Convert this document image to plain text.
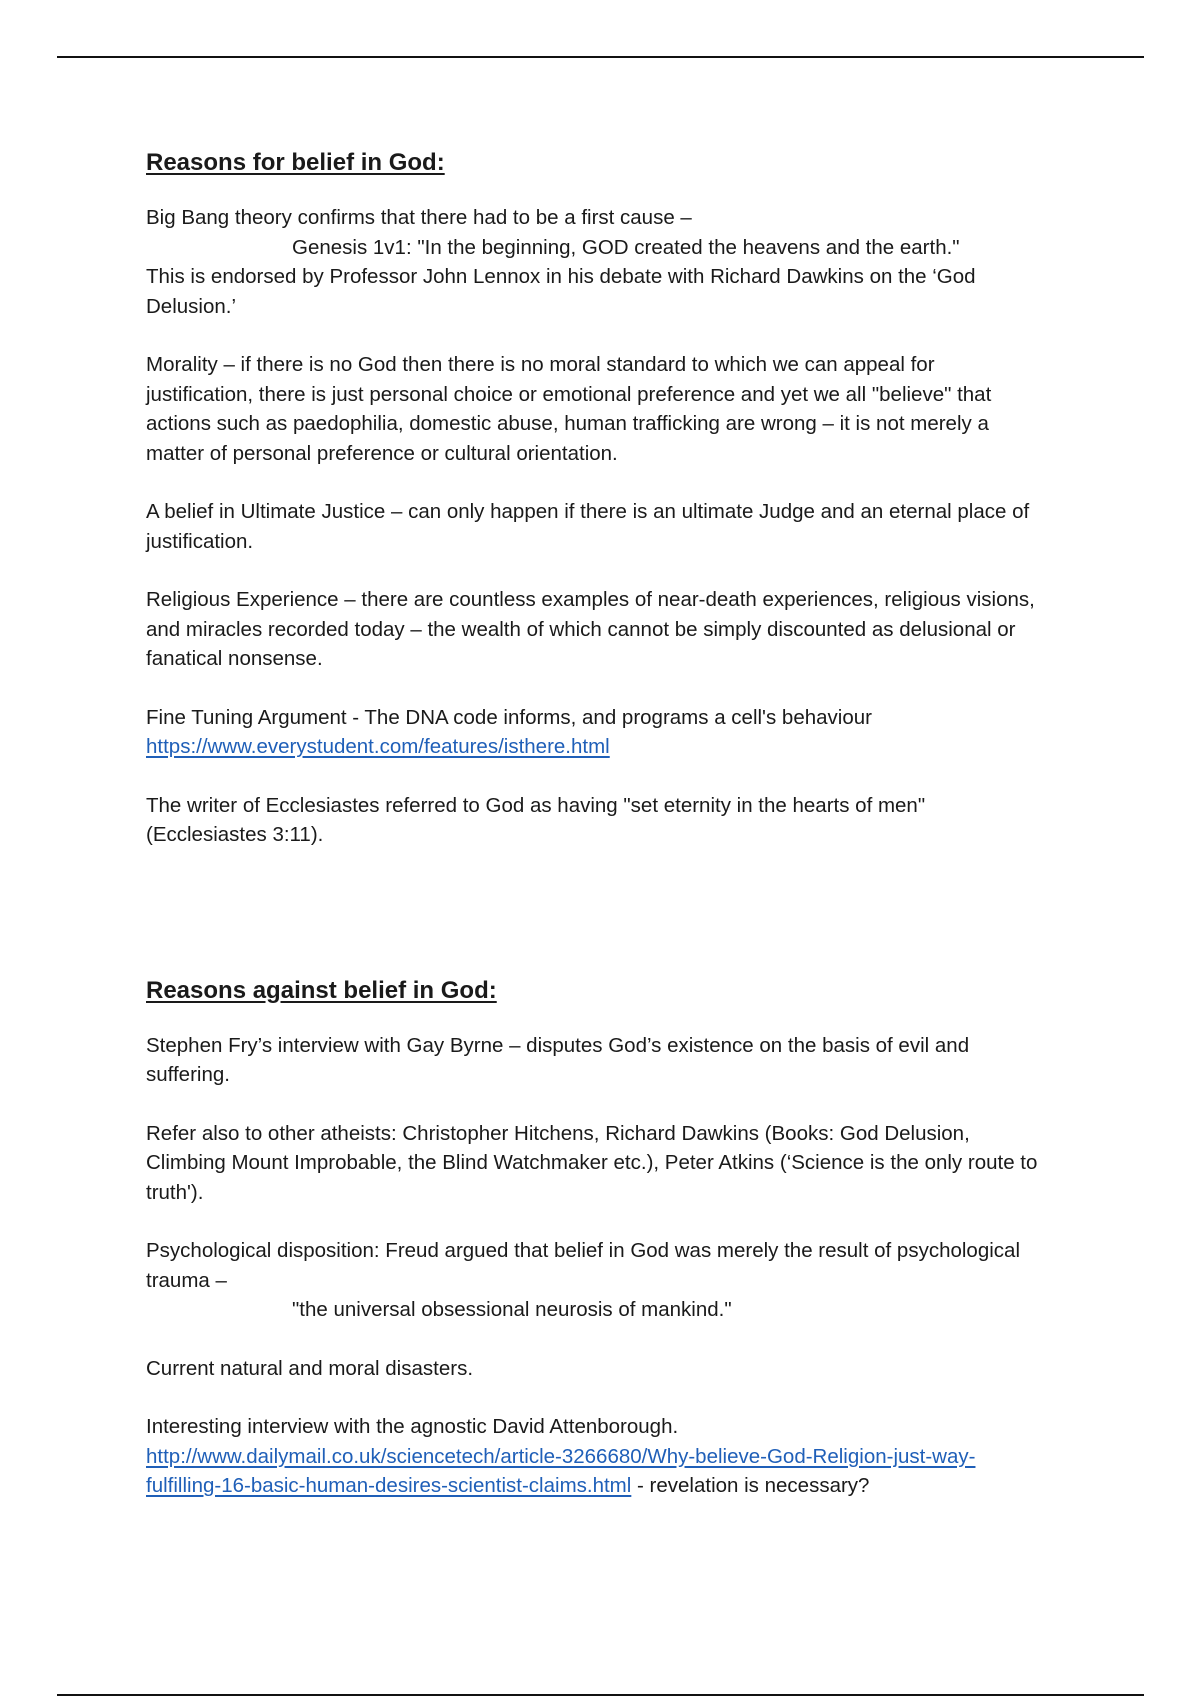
Reasons for belief in God:

Big Bang theory confirms that there had to be a first cause –
Genesis 1v1: "In the beginning, GOD created the heavens and the earth."
This is endorsed by Professor John Lennox in his debate with Richard Dawkins on the ‘God Delusion.’

Morality – if there is no God then there is no moral standard to which we can appeal for justification, there is just personal choice or emotional preference and yet we all "believe" that actions such as paedophilia, domestic abuse, human trafficking are wrong – it is not merely a matter of personal preference or cultural orientation.

A belief in Ultimate Justice – can only happen if there is an ultimate Judge and an eternal place of justification.

Religious Experience – there are countless examples of near-death experiences, religious visions, and miracles recorded today – the wealth of which cannot be simply discounted as delusional or fanatical nonsense.

Fine Tuning Argument - The DNA code informs, and programs a cell's behaviour
https://www.everystudent.com/features/isthere.html

The writer of Ecclesiastes referred to God as having "set eternity in the hearts of men" (Ecclesiastes 3:11).

Reasons against belief in God:

Stephen Fry’s interview with Gay Byrne – disputes God’s existence on the basis of evil and suffering.

Refer also to other atheists: Christopher Hitchens, Richard Dawkins (Books: God Delusion, Climbing Mount Improbable, the Blind Watchmaker etc.), Peter Atkins (‘Science is the only route to truth').

Psychological disposition: Freud argued that belief in God was merely the result of psychological trauma –
"the universal obsessional neurosis of mankind."

Current natural and moral disasters.

Interesting interview with the agnostic David Attenborough.
http://www.dailymail.co.uk/sciencetech/article-3266680/Why-believe-God-Religion-just-way-fulfilling-16-basic-human-desires-scientist-claims.html - revelation is necessary?
